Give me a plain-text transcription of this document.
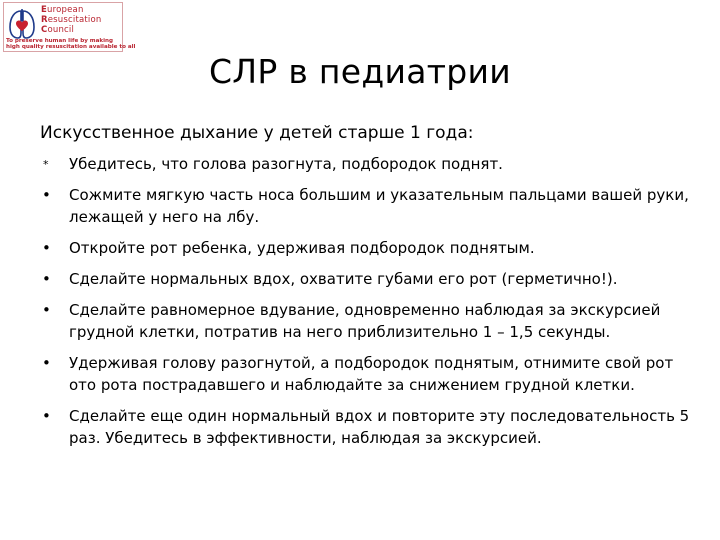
European
Resuscitation
Council
To preserve human life by making
high quality resuscitation available to all
СЛР в педиатрии
Искусственное дыхание у детей старше 1 года:
* Убедитесь, что голова разогнута, подбородок поднят.
• Сожмите мягкую часть носа большим и указательным пальцами вашей руки, лежащей у него на лбу.
• Откройте рот ребенка, удерживая подбородок поднятым.
• Сделайте нормальных вдох, охватите губами его рот (герметично!).
• Сделайте равномерное вдувание, одновременно наблюдая за экскурсией грудной клетки, потратив на него приблизительно 1 – 1,5 секунды.
• Удерживая голову разогнутой, а подбородок поднятым, отнимите свой рот ото рота пострадавшего и наблюдайте за снижением грудной клетки.
• Сделайте еще один нормальный вдох и повторите эту последовательность 5 раз. Убедитесь в эффективности, наблюдая за экскурсией.
